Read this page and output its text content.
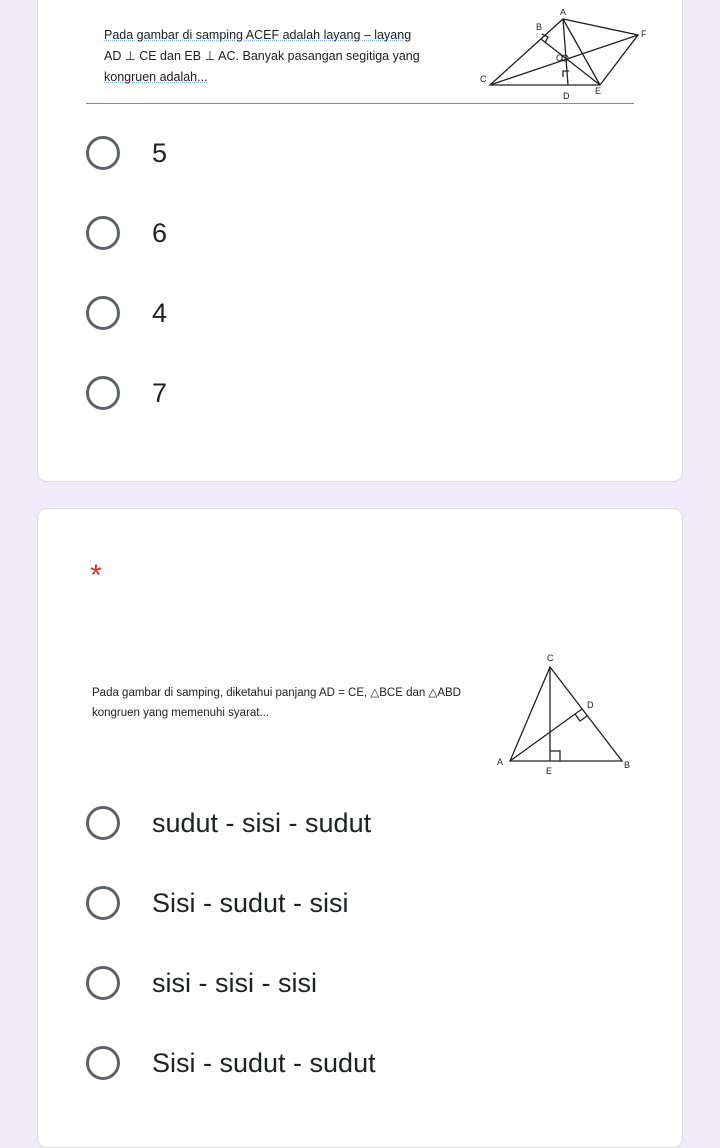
Pada gambar di samping ACEF adalah layang – layang
AD ⊥ CE dan EB ⊥ AC. Banyak pasangan segitiga yang
kongruen adalah...
A
B
F
O
C
D	E
5
6
4
7
*
Pada gambar di samping, diketahui panjang AD = CE, △BCE dan △ABD
kongruen yang memenuhi syarat...
C
D
A
E
B
sudut - sisi - sudut
Sisi - sudut - sisi
sisi - sisi - sisi
Sisi - sudut - sudut
